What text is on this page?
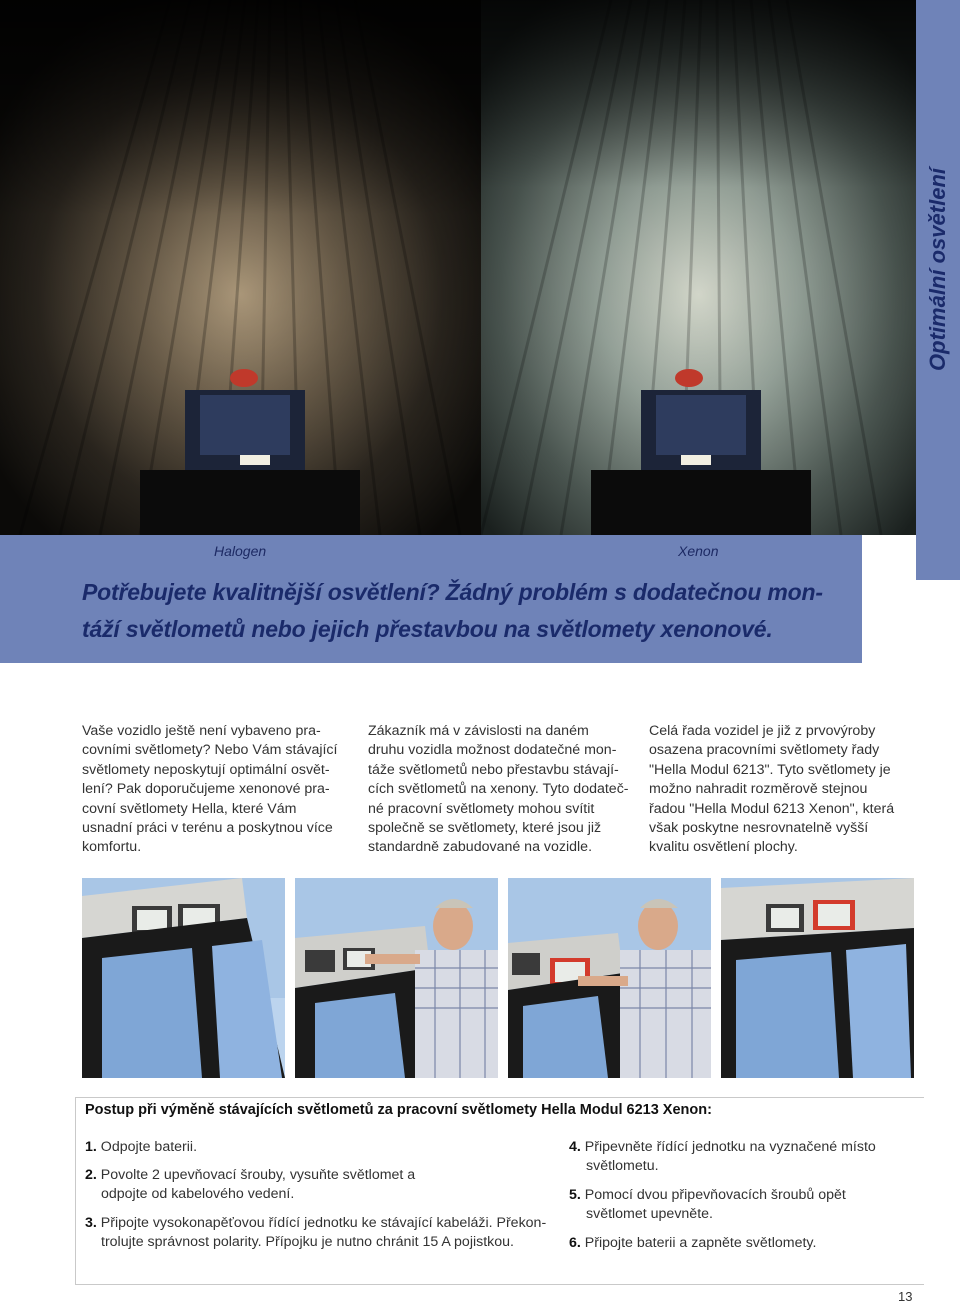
Optimální osvětlení
Halogen	Xenon
Potřebujete kvalitnější osvětlení? Žádný problém s dodatečnou mon-
táží světlometů nebo jejich přestavbou na světlomety xenonové.
Vaše vozidlo ještě není vybaveno pra-
covními světlomety? Nebo Vám stávající
světlomety neposkytují optimální osvět-
lení? Pak doporučujeme xenonové pra-
covní světlomety Hella, které Vám
usnadní práci v terénu a poskytnou více
komfortu.
Zákazník má v závislosti na daném
druhu vozidla možnost dodatečné mon-
táže světlometů nebo přestavbu stávají-
cích světlometů na xenony. Tyto dodateč-
né pracovní světlomety mohou svítit
společně se světlomety, které jsou již
standardně zabudované na vozidle.
Celá řada vozidel je již z prvovýroby
osazena pracovními světlomety řady
"Hella Modul 6213". Tyto světlomety je
možno nahradit rozměrově stejnou
řadou "Hella Modul 6213 Xenon", která
však poskytne nesrovnatelně vyšší
kvalitu osvětlení plochy.
Postup při výměně stávajících světlometů za pracovní světlomety Hella Modul 6213 Xenon:
1. Odpojte baterii.
2. Povolte 2 upevňovací šrouby, vysuňte světlomet a
odpojte od kabelového vedení.
3. Připojte vysokonapěťovou řídící jednotku ke stávající kabeláži. Překon-
trolujte správnost polarity. Přípojku je nutno chránit 15 A pojistkou.
4. Připevněte řídící jednotku na vyznačené místo
světlometu.
5. Pomocí dvou připevňovacích šroubů opět
světlomet upevněte.
6. Připojte baterii a zapněte světlomety.
13
